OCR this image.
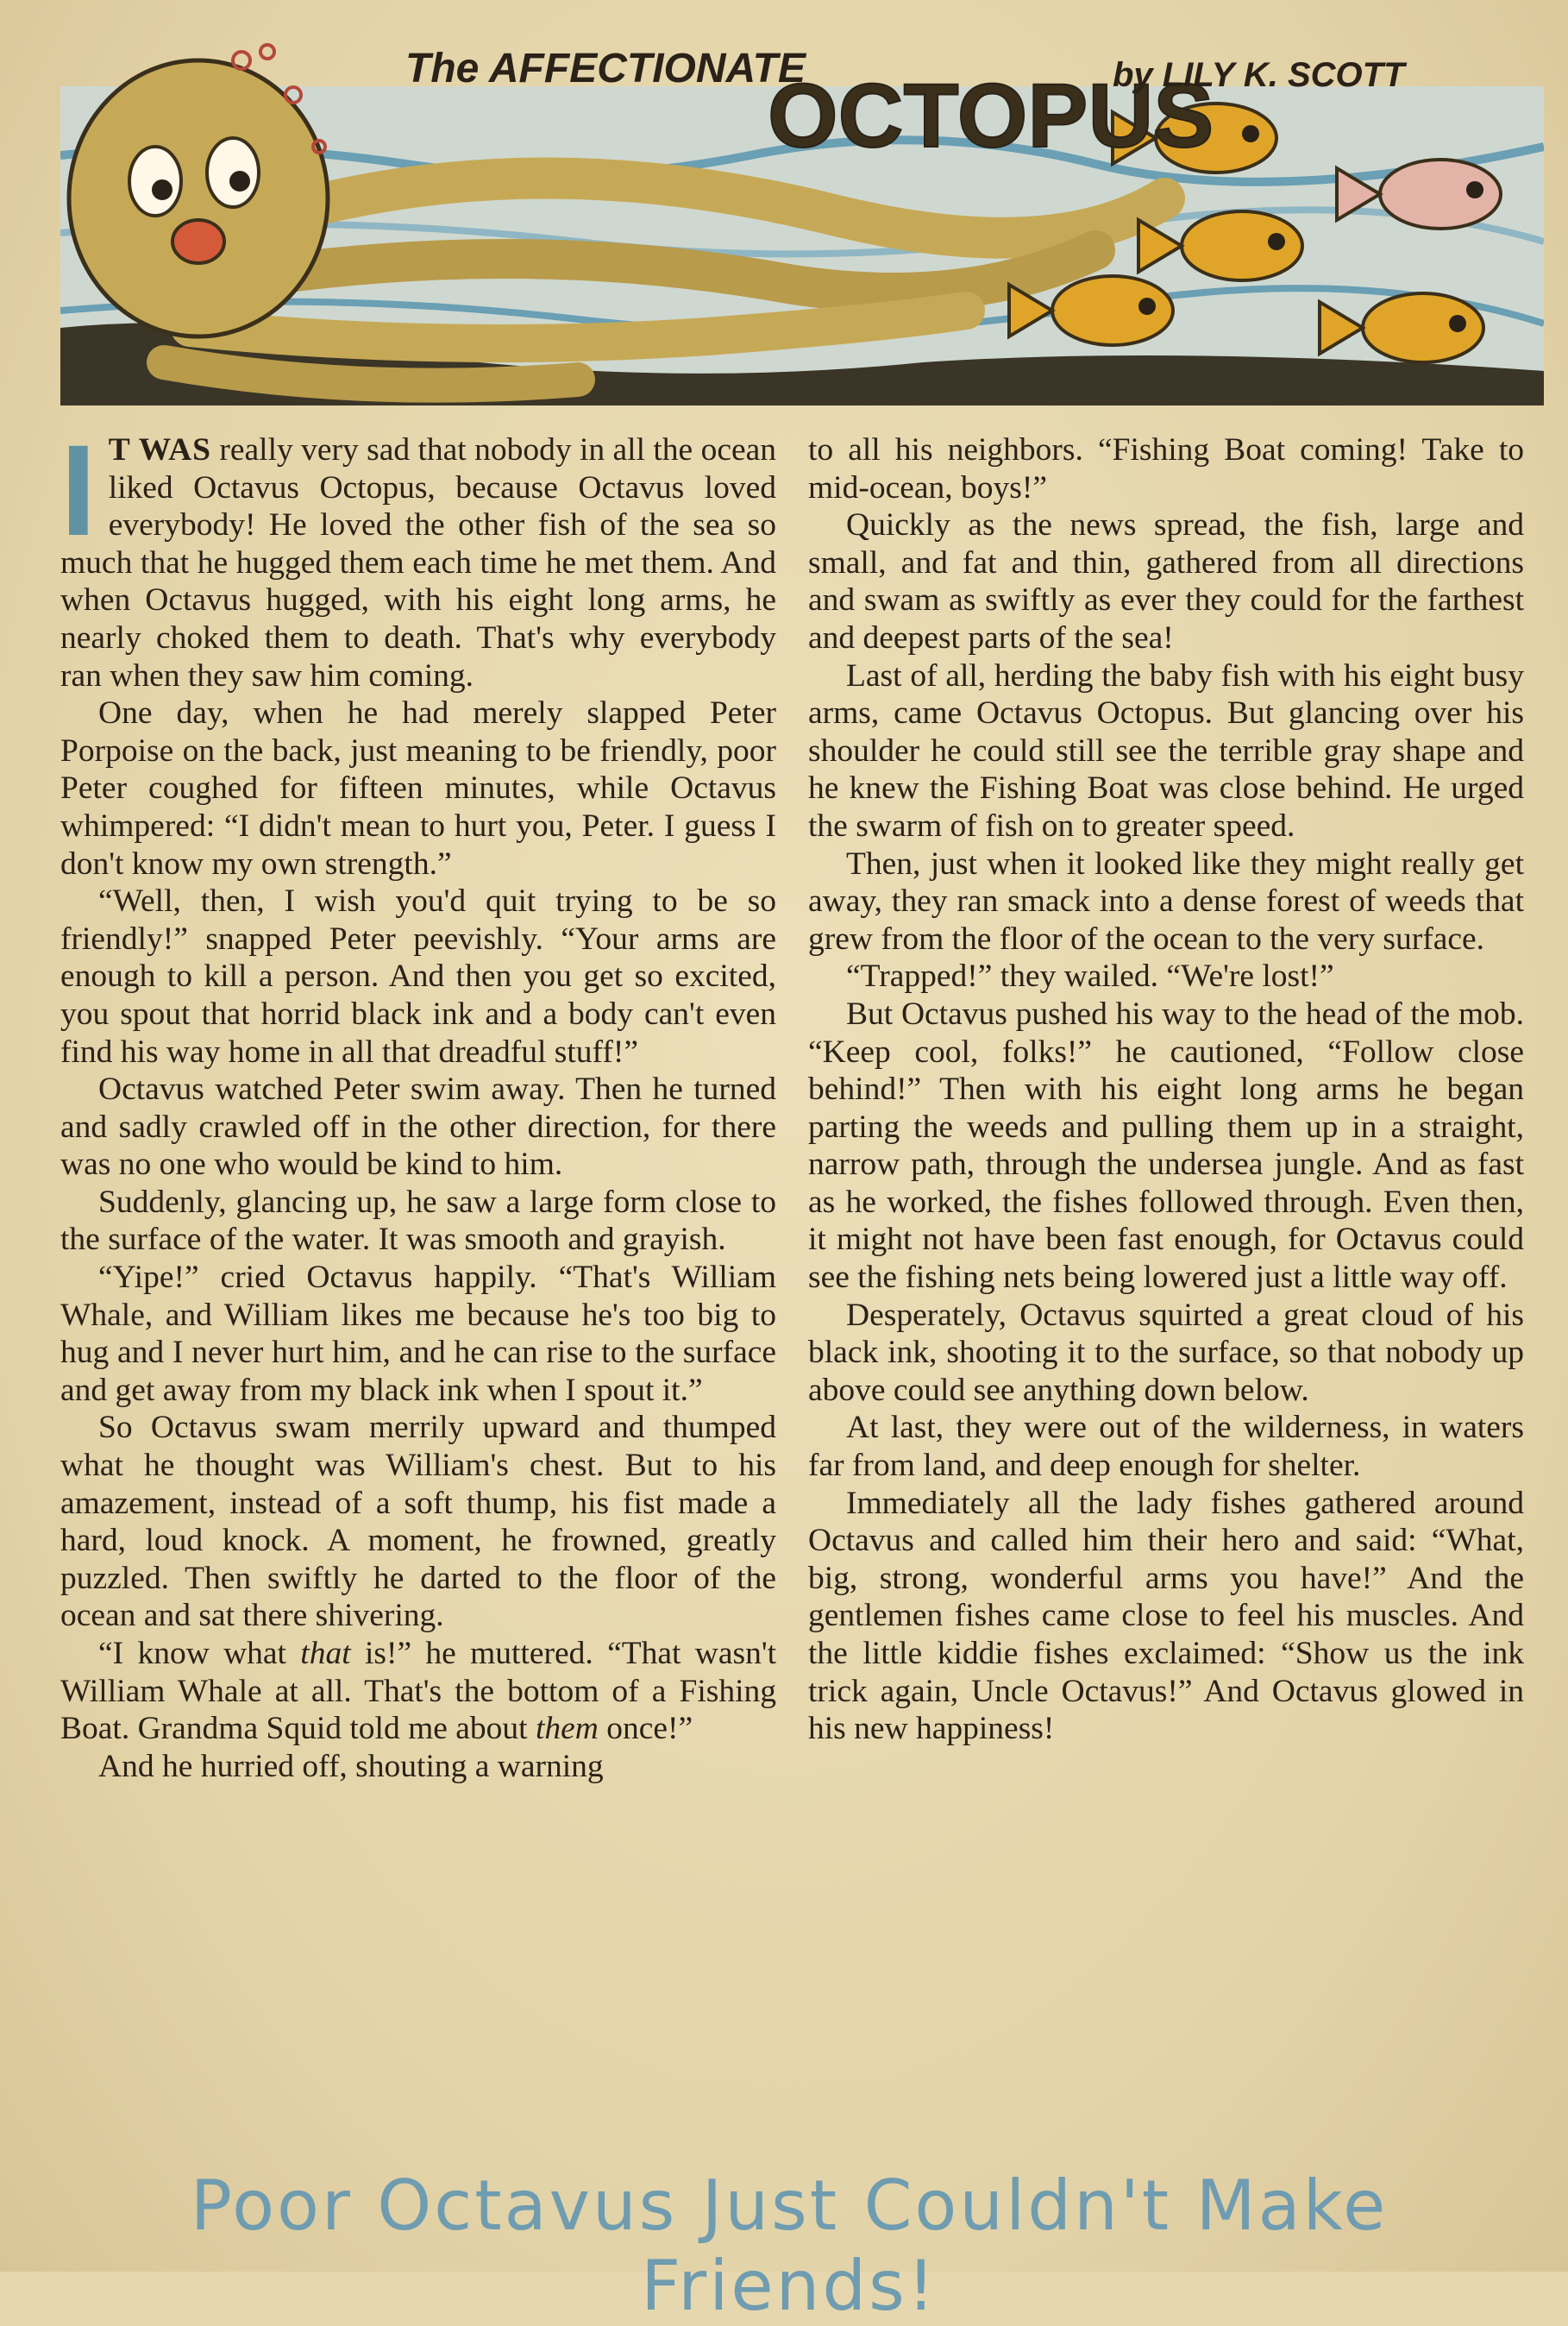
The AFFECTIONATE
OCTOPUS
by LILY K. SCOTT

I T WAS really very sad that nobody in all the ocean liked Octavus Octopus, because Octavus loved everybody! He loved the other fish of the sea so much that he hugged them each time he met them. And when Octavus hugged, with his eight long arms, he nearly choked them to death. That's why everybody ran when they saw him coming.

One day, when he had merely slapped Peter Porpoise on the back, just meaning to be friendly, poor Peter coughed for fifteen minutes, while Octavus whimpered: “I didn't mean to hurt you, Peter. I guess I don't know my own strength.”

“Well, then, I wish you'd quit trying to be so friendly!” snapped Peter peevishly. “Your arms are enough to kill a person. And then you get so excited, you spout that horrid black ink and a body can't even find his way home in all that dreadful stuff!”

Octavus watched Peter swim away. Then he turned and sadly crawled off in the other direction, for there was no one who would be kind to him.

Suddenly, glancing up, he saw a large form close to the surface of the water. It was smooth and grayish.

“Yipe!” cried Octavus happily. “That's William Whale, and William likes me because he's too big to hug and I never hurt him, and he can rise to the surface and get away from my black ink when I spout it.”

So Octavus swam merrily upward and thumped what he thought was William's chest. But to his amazement, instead of a soft thump, his fist made a hard, loud knock. A moment, he frowned, greatly puzzled. Then swiftly he darted to the floor of the ocean and sat there shivering.

“I know what that is!” he muttered. “That wasn't William Whale at all. That's the bottom of a Fishing Boat. Grandma Squid told me about them once!”

And he hurried off, shouting a warning

to all his neighbors. “Fishing Boat coming! Take to mid-ocean, boys!”

Quickly as the news spread, the fish, large and small, and fat and thin, gathered from all directions and swam as swiftly as ever they could for the farthest and deepest parts of the sea!

Last of all, herding the baby fish with his eight busy arms, came Octavus Octopus. But glancing over his shoulder he could still see the terrible gray shape and he knew the Fishing Boat was close behind. He urged the swarm of fish on to greater speed.

Then, just when it looked like they might really get away, they ran smack into a dense forest of weeds that grew from the floor of the ocean to the very surface.

“Trapped!” they wailed. “We're lost!”

But Octavus pushed his way to the head of the mob. “Keep cool, folks!” he cautioned, “Follow close behind!” Then with his eight long arms he began parting the weeds and pulling them up in a straight, narrow path, through the undersea jungle. And as fast as he worked, the fishes followed through. Even then, it might not have been fast enough, for Octavus could see the fishing nets being lowered just a little way off.

Desperately, Octavus squirted a great cloud of his black ink, shooting it to the surface, so that nobody up above could see anything down below.

At last, they were out of the wilderness, in waters far from land, and deep enough for shelter.

Immediately all the lady fishes gathered around Octavus and called him their hero and said: “What, big, strong, wonderful arms you have!” And the gentlemen fishes came close to feel his muscles. And the little kiddie fishes exclaimed: “Show us the ink trick again, Uncle Octavus!” And Octavus glowed in his new happiness!

Poor Octavus Just Couldn't Make Friends!
